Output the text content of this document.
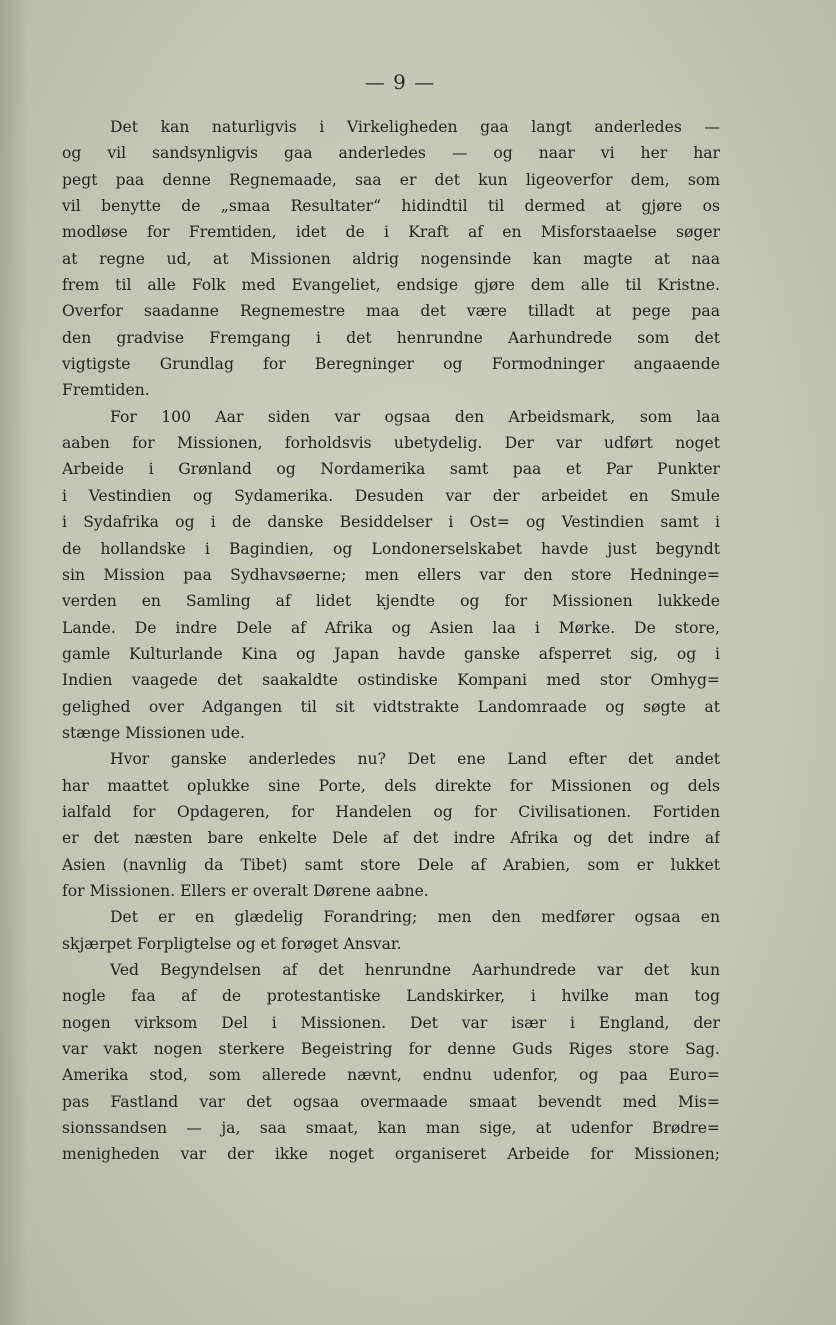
— 9 —
Det kan naturligvis i Virkeligheden gaa langt anderledes —
og vil sandsynligvis gaa anderledes — og naar vi her har
pegt paa denne Regnemaade, saa er det kun ligeoverfor dem, som
vil benytte de „smaa Resultater“ hidindtil til dermed at gjøre os
modløse for Fremtiden, idet de i Kraft af en Misforstaaelse søger
at regne ud, at Missionen aldrig nogensinde kan magte at naa
frem til alle Folk med Evangeliet, endsige gjøre dem alle til Kristne.
Overfor saadanne Regnemestre maa det være tilladt at pege paa
den gradvise Fremgang i det henrundne Aarhundrede som det
vigtigste Grundlag for Beregninger og Formodninger angaaende
Fremtiden.
For 100 Aar siden var ogsaa den Arbeidsmark, som laa
aaben for Missionen, forholdsvis ubetydelig. Der var udført noget
Arbeide i Grønland og Nordamerika samt paa et Par Punkter
i Vestindien og Sydamerika. Desuden var der arbeidet en Smule
i Sydafrika og i de danske Besiddelser i Ost= og Vestindien samt i
de hollandske i Bagindien, og Londonerselskabet havde just begyndt
sin Mission paa Sydhavsøerne; men ellers var den store Hedninge=
verden en Samling af lidet kjendte og for Missionen lukkede
Lande. De indre Dele af Afrika og Asien laa i Mørke. De store,
gamle Kulturlande Kina og Japan havde ganske afsperret sig, og i
Indien vaagede det saakaldte ostindiske Kompani med stor Omhyg=
gelighed over Adgangen til sit vidtstrakte Landomraade og søgte at
stænge Missionen ude.
Hvor ganske anderledes nu? Det ene Land efter det andet
har maattet oplukke sine Porte, dels direkte for Missionen og dels
ialfald for Opdageren, for Handelen og for Civilisationen. Fortiden
er det næsten bare enkelte Dele af det indre Afrika og det indre af
Asien (navnlig da Tibet) samt store Dele af Arabien, som er lukket
for Missionen. Ellers er overalt Dørene aabne.
Det er en glædelig Forandring; men den medfører ogsaa en
skjærpet Forpligtelse og et forøget Ansvar.
Ved Begyndelsen af det henrundne Aarhundrede var det kun
nogle faa af de protestantiske Landskirker, i hvilke man tog
nogen virksom Del i Missionen. Det var især i England, der
var vakt nogen sterkere Begeistring for denne Guds Riges store Sag.
Amerika stod, som allerede nævnt, endnu udenfor, og paa Euro=
pas Fastland var det ogsaa overmaade smaat bevendt med Mis=
sionssandsen — ja, saa smaat, kan man sige, at udenfor Brødre=
menigheden var der ikke noget organiseret Arbeide for Missionen;
